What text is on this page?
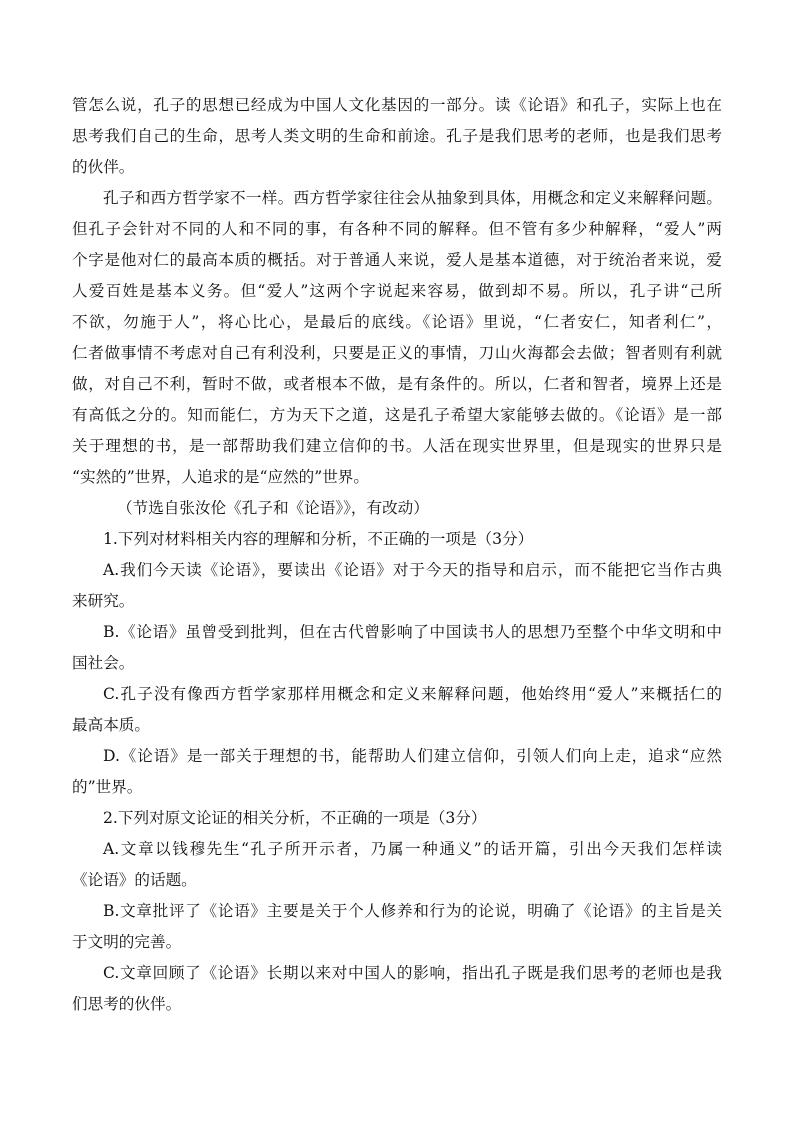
管怎么说，孔子的思想已经成为中国人文化基因的一部分。读《论语》和孔子，实际上也在
思考我们自己的生命，思考人类文明的生命和前途。孔子是我们思考的老师，也是我们思考
的伙伴。
孔子和西方哲学家不一样。西方哲学家往往会从抽象到具体，用概念和定义来解释问题。
但孔子会针对不同的人和不同的事，有各种不同的解释。但不管有多少种解释，“爱人”两
个字是他对仁的最高本质的概括。对于普通人来说，爱人是基本道德，对于统治者来说，爱
人爱百姓是基本义务。但“爱人”这两个字说起来容易，做到却不易。所以，孔子讲“己所
不欲，勿施于人”，将心比心，是最后的底线。《论语》里说，“仁者安仁，知者利仁”，
仁者做事情不考虑对自己有利没利，只要是正义的事情，刀山火海都会去做；智者则有利就
做，对自己不利，暂时不做，或者根本不做，是有条件的。所以，仁者和智者，境界上还是
有高低之分的。知而能仁，方为天下之道，这是孔子希望大家能够去做的。《论语》是一部
关于理想的书，是一部帮助我们建立信仰的书。人活在现实世界里，但是现实的世界只是
“实然的”世界，人追求的是“应然的”世界。
（节选自张汝伦《孔子和《论语》》，有改动）
1.下列对材料相关内容的理解和分析，不正确的一项是（3分）
A.我们今天读《论语》，要读出《论语》对于今天的指导和启示，而不能把它当作古典
来研究。
B.《论语》虽曾受到批判，但在古代曾影响了中国读书人的思想乃至整个中华文明和中
国社会。
C.孔子没有像西方哲学家那样用概念和定义来解释问题，他始终用“爱人”来概括仁的
最高本质。
D.《论语》是一部关于理想的书，能帮助人们建立信仰，引领人们向上走，追求“应然
的”世界。
2.下列对原文论证的相关分析，不正确的一项是（3分）
A.文章以钱穆先生“孔子所开示者，乃属一种通义”的话开篇，引出今天我们怎样读
《论语》的话题。
B.文章批评了《论语》主要是关于个人修养和行为的论说，明确了《论语》的主旨是关
于文明的完善。
C.文章回顾了《论语》长期以来对中国人的影响，指出孔子既是我们思考的老师也是我
们思考的伙伴。
